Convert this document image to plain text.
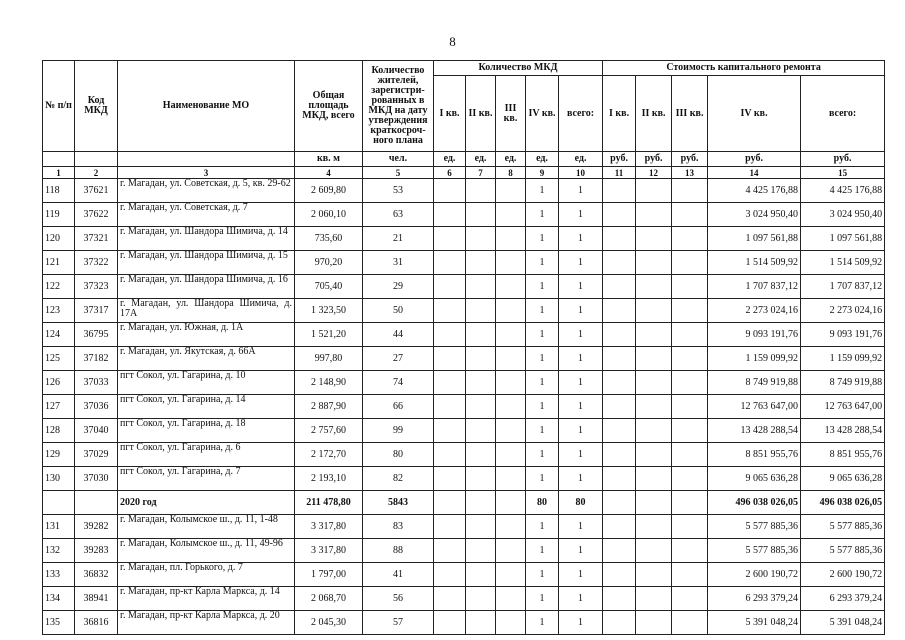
8
№ п/п	Код МКД	Наименование МО	Общая площадь МКД, всего	Количество жителей, зарегистри-рованных в МКД на дату утверждения краткосроч-ного плана	Количество МКД					Стоимость капитального ремонта				
					I кв.	II кв.	III кв.	IV кв.	всего:	I кв.	II кв.	III кв.	IV кв.	всего:
			кв. м	чел.	ед.	ед.	ед.	ед.	ед.	руб.	руб.	руб.	руб.	руб.
1	2	3	4	5	6	7	8	9	10	11	12	13	14	15
118	37621	г. Магадан, ул. Советская, д. 5, кв. 29-62	2 609,80	53				1	1				4 425 176,88	4 425 176,88
119	37622	г. Магадан, ул. Советская, д. 7	2 060,10	63				1	1				3 024 950,40	3 024 950,40
120	37321	г. Магадан, ул. Шандора Шимича, д. 14	735,60	21				1	1				1 097 561,88	1 097 561,88
121	37322	г. Магадан, ул. Шандора Шимича, д. 15	970,20	31				1	1				1 514 509,92	1 514 509,92
122	37323	г. Магадан, ул. Шандора Шимича, д. 16	705,40	29				1	1				1 707 837,12	1 707 837,12
123	37317	г. Магадан, ул. Шандора Шимича, д. 17А	1 323,50	50				1	1				2 273 024,16	2 273 024,16
124	36795	г. Магадан, ул. Южная, д. 1А	1 521,20	44				1	1				9 093 191,76	9 093 191,76
125	37182	г. Магадан, ул. Якутская, д. 66А	997,80	27				1	1				1 159 099,92	1 159 099,92
126	37033	пгт Сокол, ул. Гагарина, д. 10	2 148,90	74				1	1				8 749 919,88	8 749 919,88
127	37036	пгт Сокол, ул. Гагарина, д. 14	2 887,90	66				1	1				12 763 647,00	12 763 647,00
128	37040	пгт Сокол, ул. Гагарина, д. 18	2 757,60	99				1	1				13 428 288,54	13 428 288,54
129	37029	пгт Сокол, ул. Гагарина, д. 6	2 172,70	80				1	1				8 851 955,76	8 851 955,76
130	37030	пгт Сокол, ул. Гагарина, д. 7	2 193,10	82				1	1				9 065 636,28	9 065 636,28
		2020 год	211 478,80	5843				80	80				496 038 026,05	496 038 026,05
131	39282	г. Магадан, Колымское ш., д. 11, 1-48	3 317,80	83				1	1				5 577 885,36	5 577 885,36
132	39283	г. Магадан, Колымское ш., д. 11, 49-96	3 317,80	88				1	1				5 577 885,36	5 577 885,36
133	36832	г. Магадан, пл. Горького, д. 7	1 797,00	41				1	1				2 600 190,72	2 600 190,72
134	38941	г. Магадан, пр-кт Карла Маркса, д. 14	2 068,70	56				1	1				6 293 379,24	6 293 379,24
135	36816	г. Магадан, пр-кт Карла Маркса, д. 20	2 045,30	57				1	1				5 391 048,24	5 391 048,24
